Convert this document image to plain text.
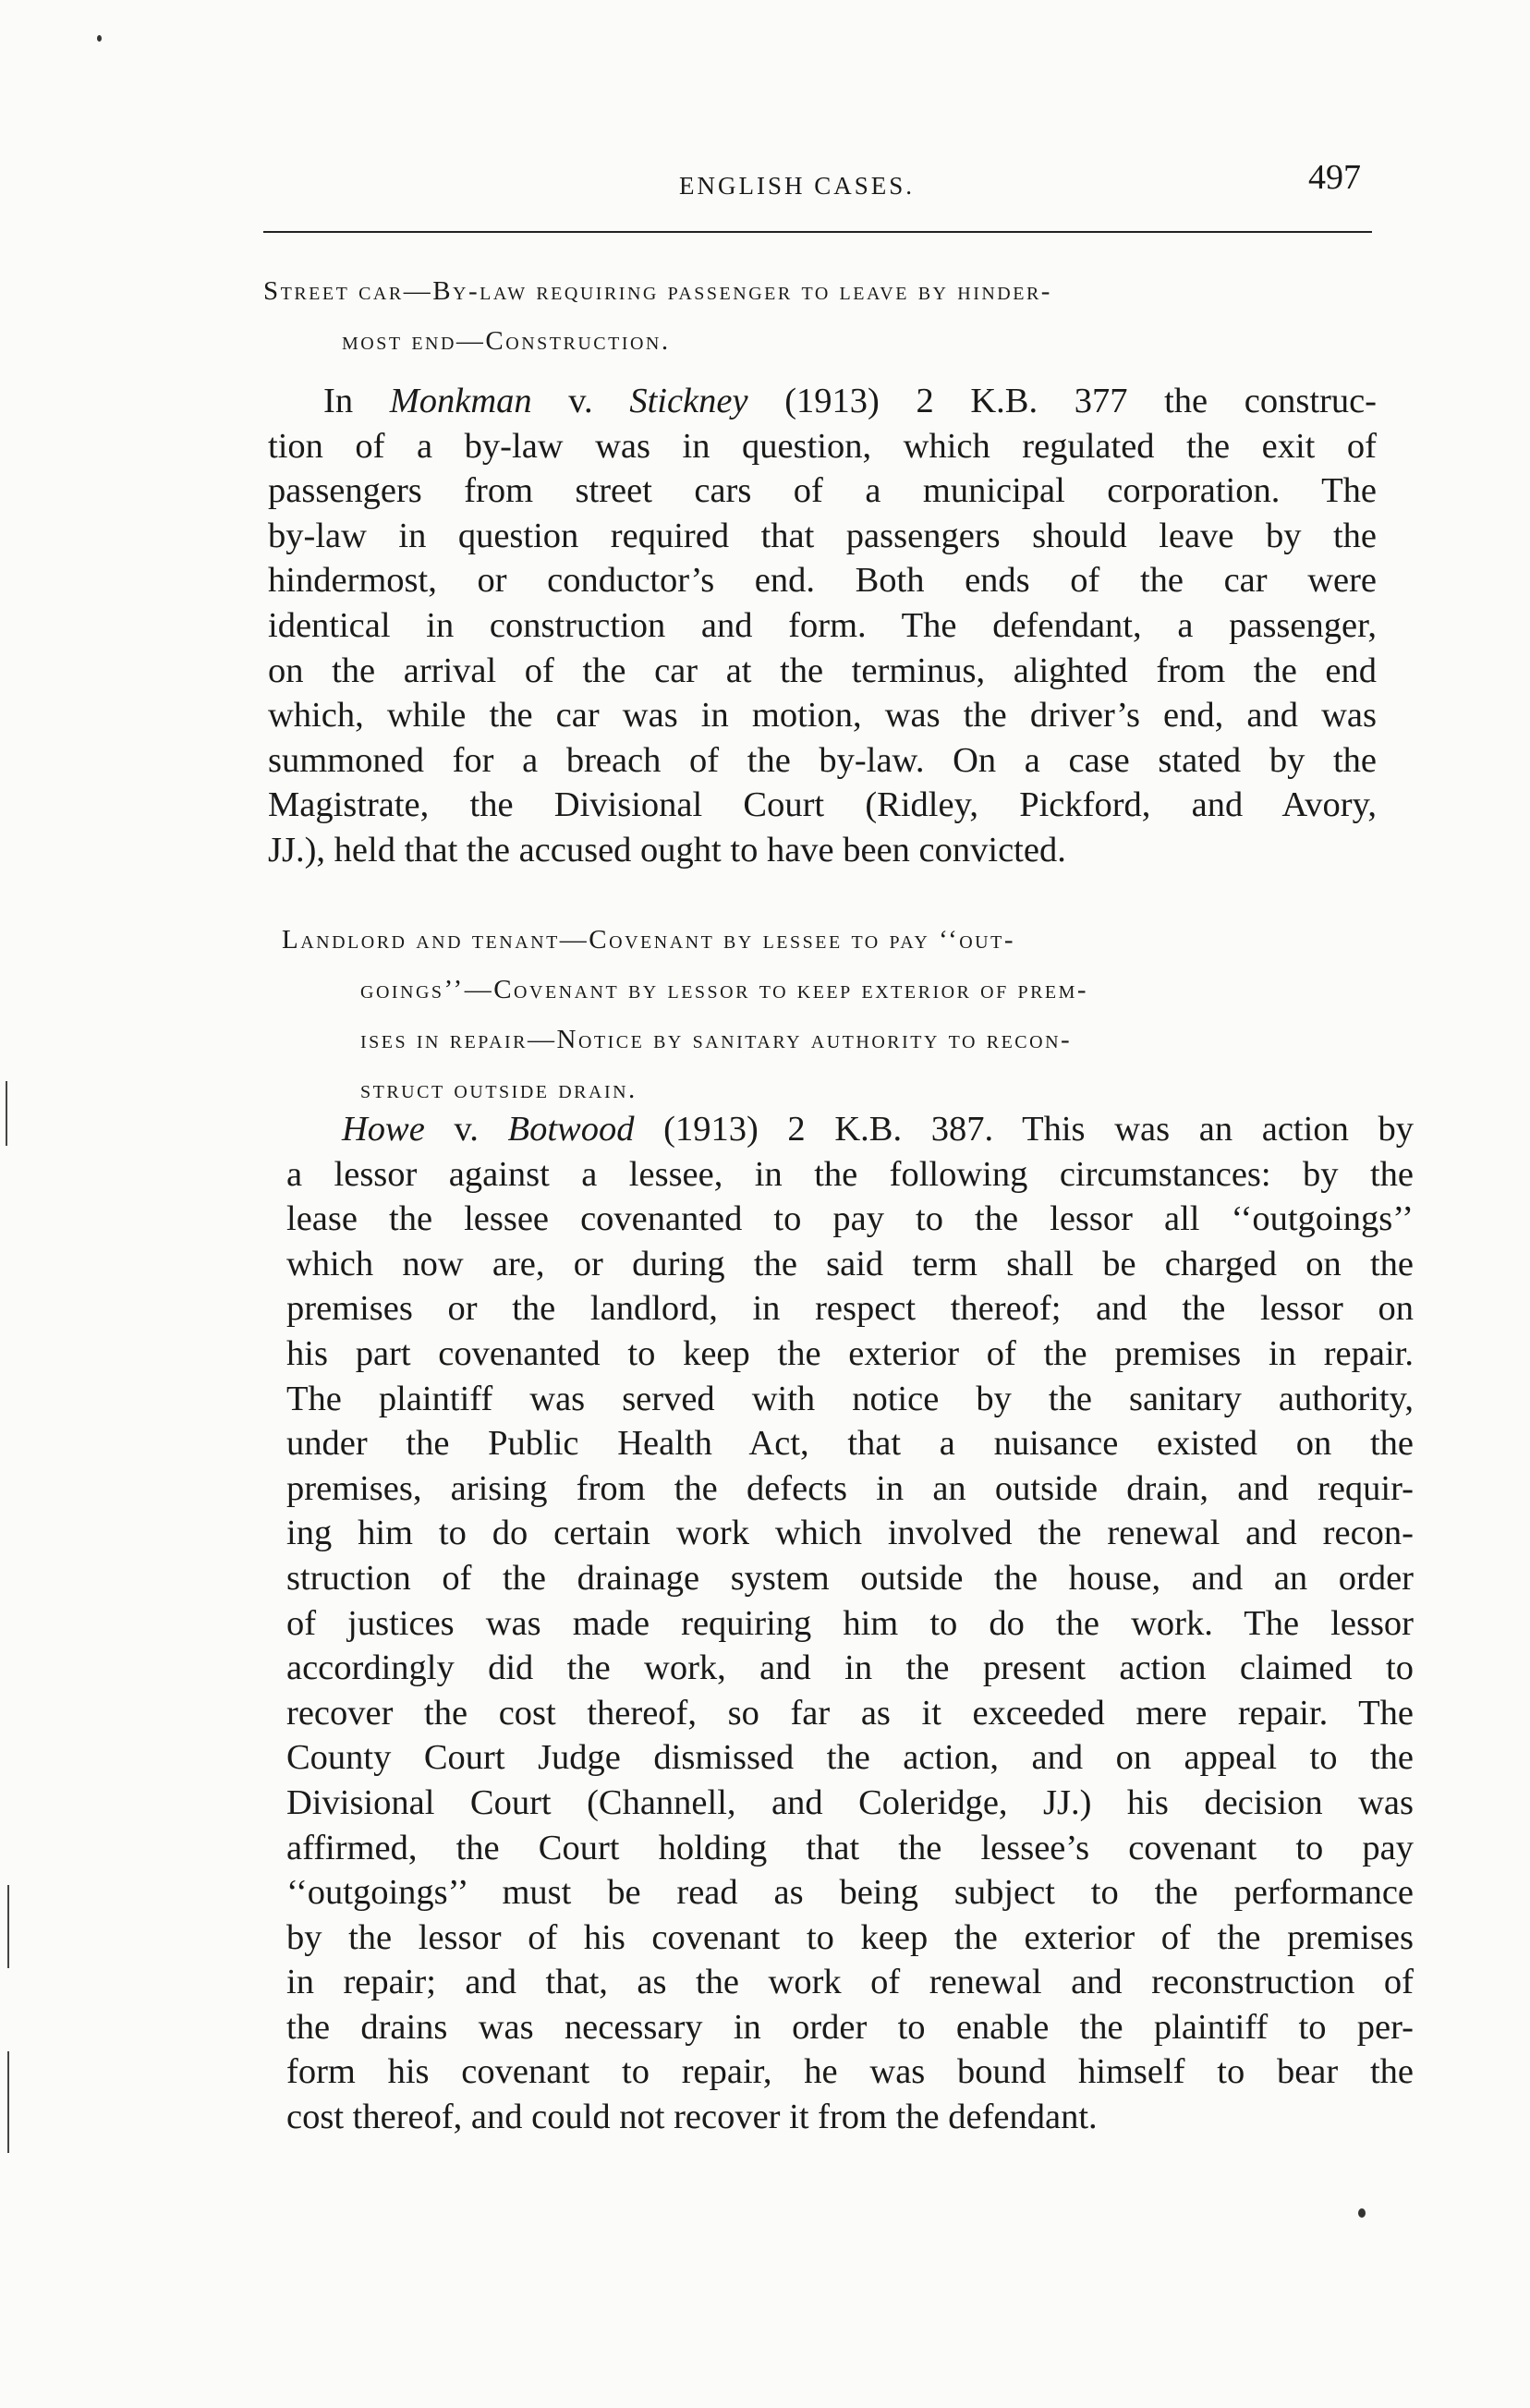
ENGLISH CASES.	497
Street car—By-law requiring passenger to leave by hinder-
most end—Construction.
In Monkman v. Stickney (1913) 2 K.B. 377 the construc-
tion of a by-law was in question, which regulated the exit of
passengers from street cars of a municipal corporation. The
by-law in question required that passengers should leave by the
hindermost, or conductor’s end. Both ends of the car were
identical in construction and form. The defendant, a passenger,
on the arrival of the car at the terminus, alighted from the end
which, while the car was in motion, was the driver’s end, and was
summoned for a breach of the by-law. On a case stated by the
Magistrate, the Divisional Court (Ridley, Pickford, and Avory,
JJ.), held that the accused ought to have been convicted.
Landlord and tenant—Covenant by lessee to pay ‘‘out-
goings’’—Covenant by lessor to keep exterior of prem-
ises in repair—Notice by sanitary authority to recon-
struct outside drain.
Howe v. Botwood (1913) 2 K.B. 387. This was an action by
a lessor against a lessee, in the following circumstances: by the
lease the lessee covenanted to pay to the lessor all ‘‘outgoings’’
which now are, or during the said term shall be charged on the
premises or the landlord, in respect thereof; and the lessor on
his part covenanted to keep the exterior of the premises in repair.
The plaintiff was served with notice by the sanitary authority,
under the Public Health Act, that a nuisance existed on the
premises, arising from the defects in an outside drain, and requir-
ing him to do certain work which involved the renewal and recon-
struction of the drainage system outside the house, and an order
of justices was made requiring him to do the work. The lessor
accordingly did the work, and in the present action claimed to
recover the cost thereof, so far as it exceeded mere repair. The
County Court Judge dismissed the action, and on appeal to the
Divisional Court (Channell, and Coleridge, JJ.) his decision was
affirmed, the Court holding that the lessee’s covenant to pay
‘‘outgoings’’ must be read as being subject to the performance
by the lessor of his covenant to keep the exterior of the premises
in repair; and that, as the work of renewal and reconstruction of
the drains was necessary in order to enable the plaintiff to per-
form his covenant to repair, he was bound himself to bear the
cost thereof, and could not recover it from the defendant.
